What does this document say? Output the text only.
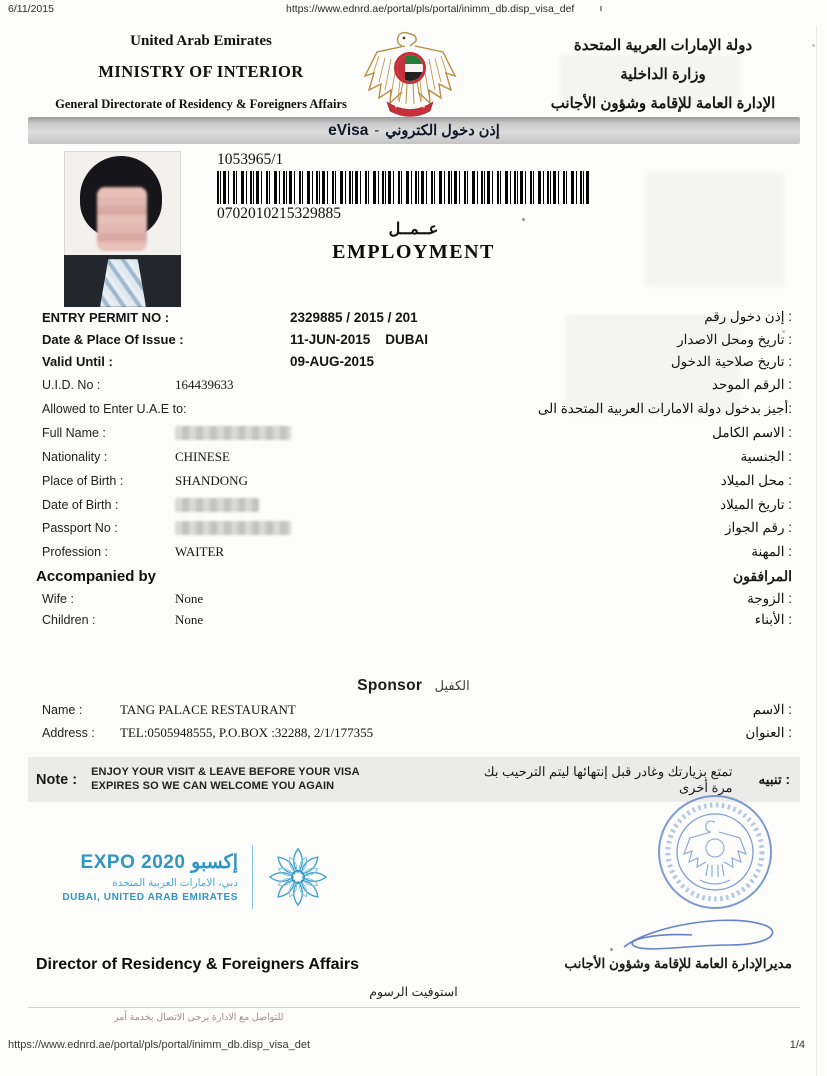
6/11/2015	https://www.ednrd.ae/portal/pls/portal/inimm_db.disp_visa_def
United Arab Emirates
MINISTRY OF INTERIOR
General Directorate of Residency & Foreigners Affairs
دولة الإمارات العربية المتحدة
وزارة الداخلية
الإدارة العامة للإقامة وشؤون الأجانب
eVisa - إذن دخول الكتروني
1053965/1
0702010215329885
عــمــل
EMPLOYMENT
ENTRY PERMIT NO :	2329885 / 2015 / 201	إذن دخول رقم :
Date & Place Of Issue :	11-JUN-2015    DUBAI	تاريخ ومحل الاصدار :
Valid Until :	09-AUG-2015	تاريخ صلاحية الدخول :
U.I.D. No :	164439633	الرقم الموحد :
Allowed to Enter U.A.E to:	أجيز بدخول دولة الامارات العربية المتحدة الى:
Full Name :	الاسم الكامل :
Nationality :	CHINESE	الجنسية :
Place of Birth :	SHANDONG	محل الميلاد :
Date of Birth :	تاريخ الميلاد :
Passport No :	رقم الجواز :
Profession :	WAITER	المهنة :
Accompanied by	المرافقون
Wife :	None	الزوجة :
Children :	None	الأبناء :
Sponsor الكفيل
Name :	TANG PALACE RESTAURANT	الاسم :
Address :	TEL:0505948555, P.O.BOX :32288, 2/1/177355	العنوان :
Note : ENJOY YOUR VISIT & LEAVE BEFORE YOUR VISA
EXPIRES SO WE CAN WELCOME YOU AGAIN
تمتع بزيارتك وغادر قبل إنتهائها ليتم الترحيب بك مرة أخرى
تنبيه :
EXPO 2020 إكسبو
دبي، الامارات العربية المتحدة
DUBAI, UNITED ARAB EMIRATES
Director of Residency & Foreigners Affairs	مديرالإدارة العامة للإقامة وشؤون الأجانب
استوفيت الرسوم
للتواصل مع الادارة يرجى الاتصال بخدمة أمر
https://www.ednrd.ae/portal/pls/portal/inimm_db.disp_visa_det	1/4
